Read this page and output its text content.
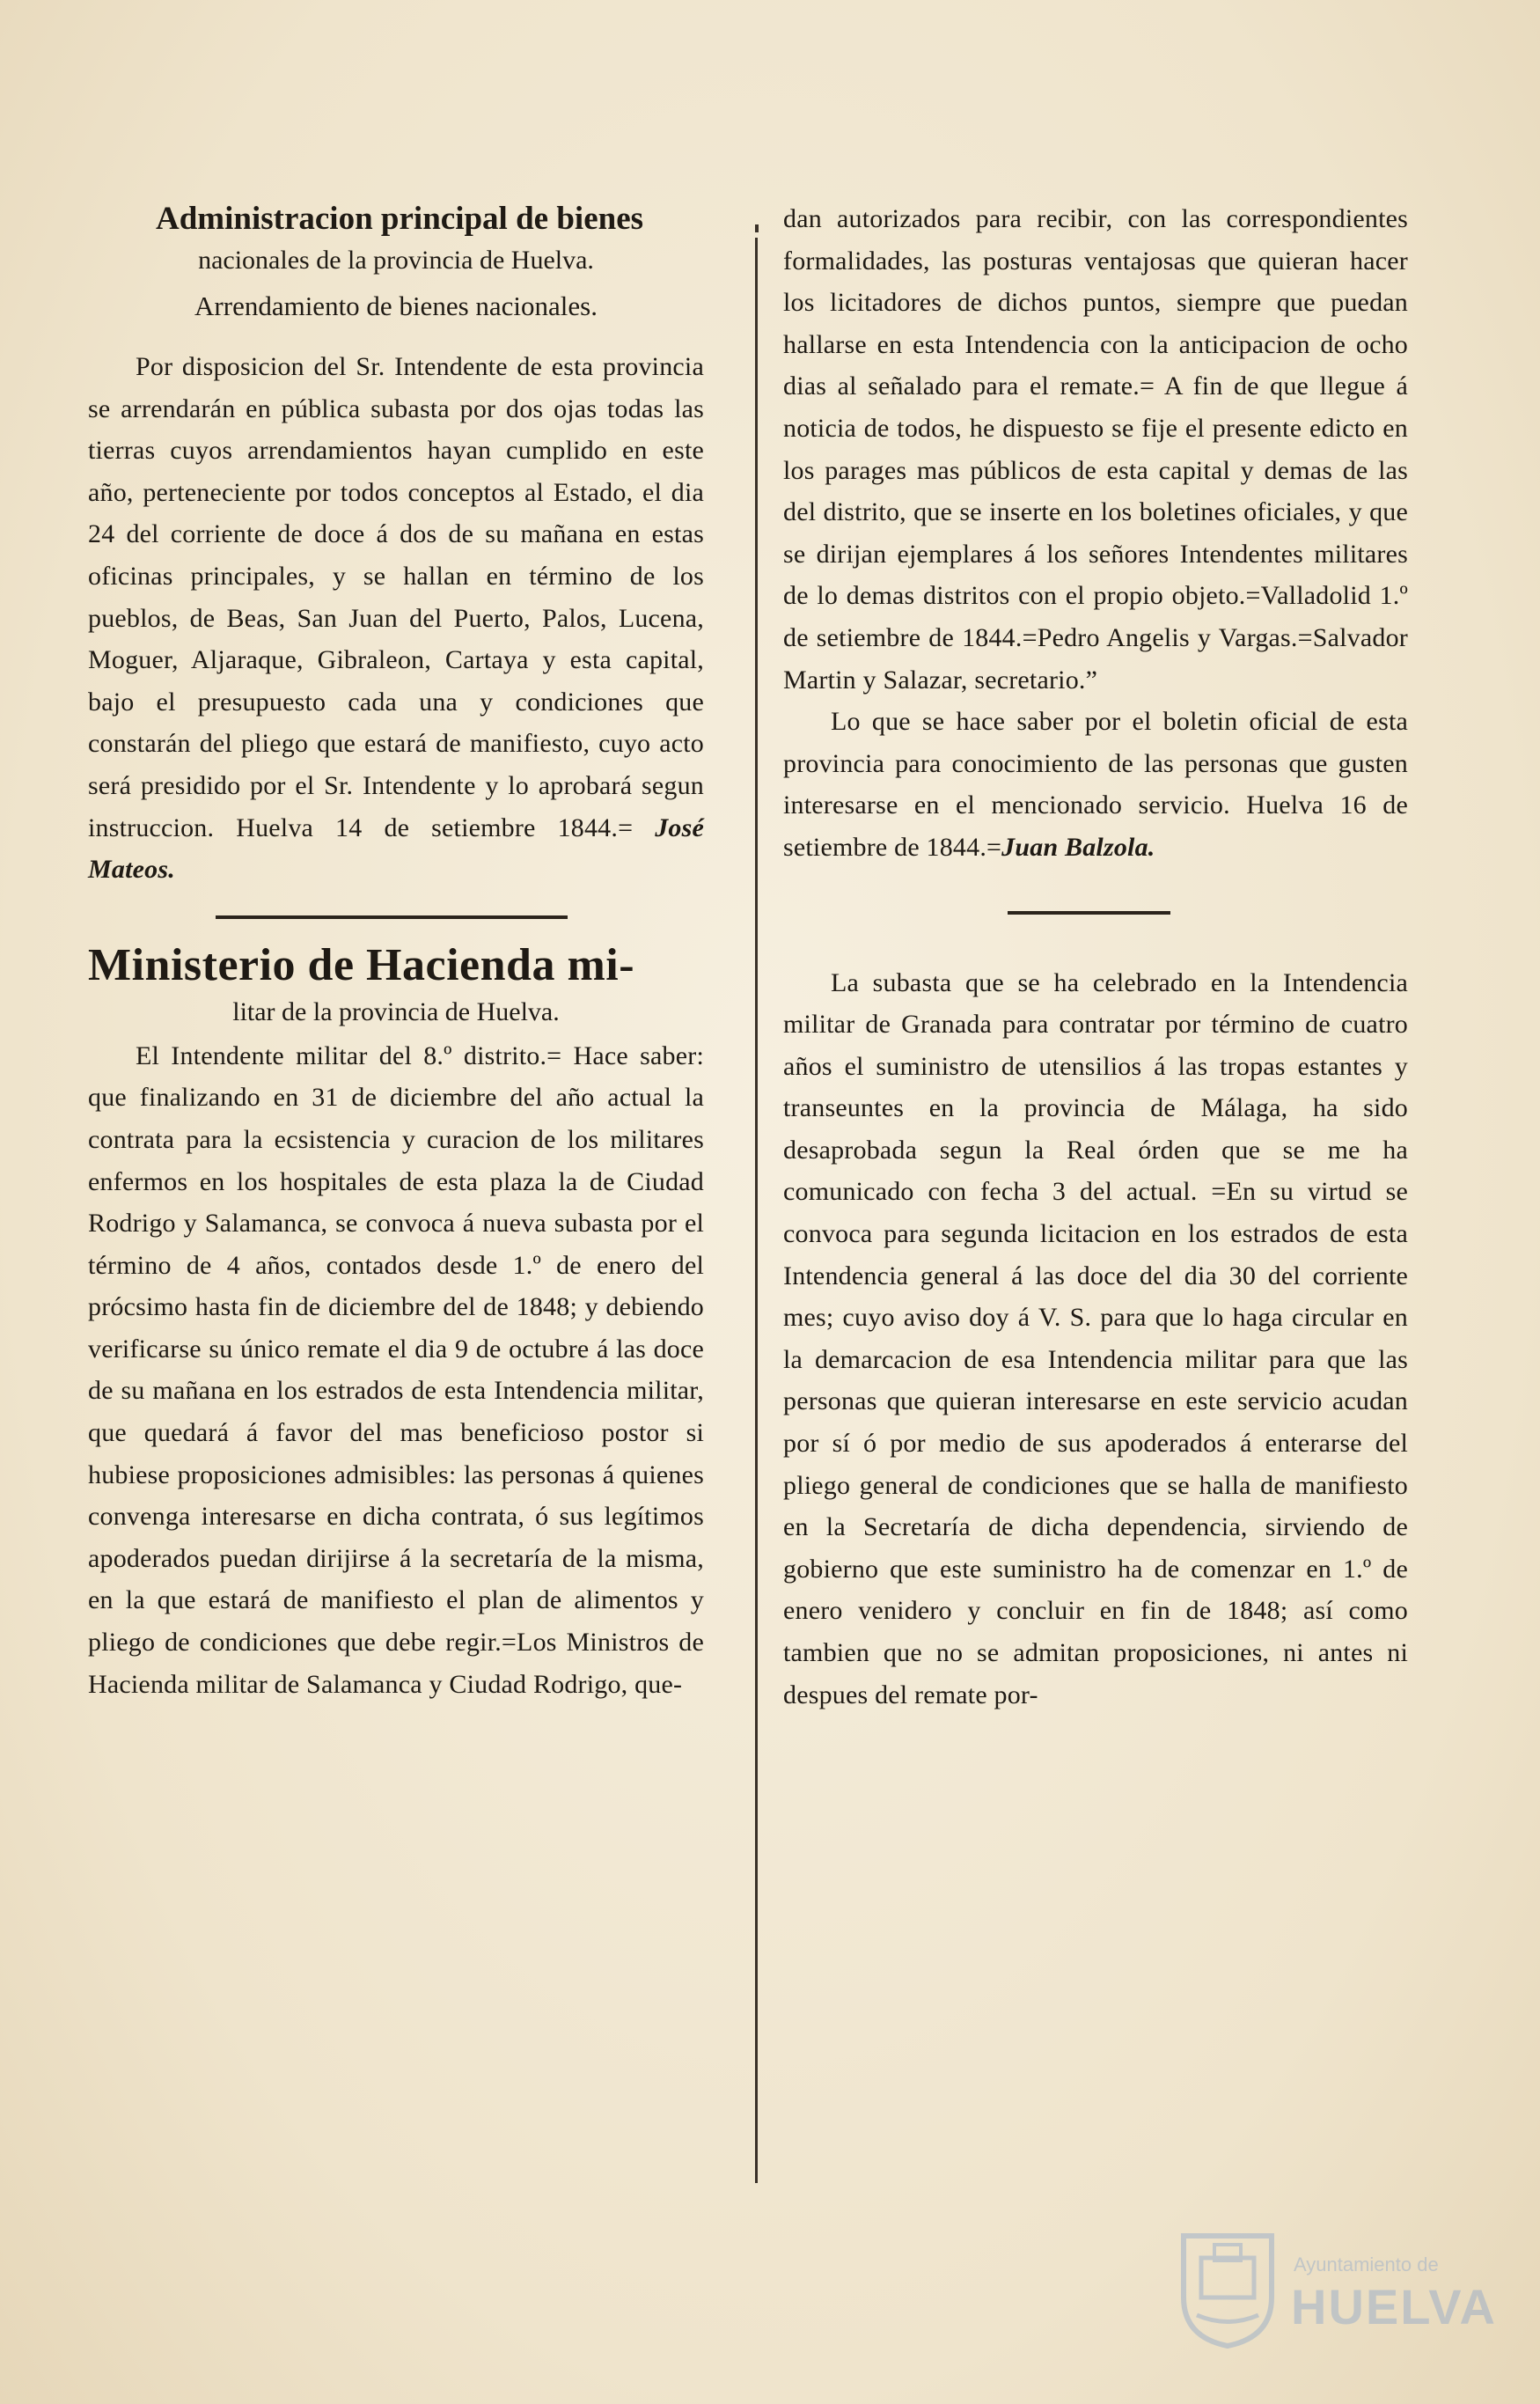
Administracion principal de bienes

nacionales de la provincia de Huelva.

Arrendamiento de bienes nacionales.

Por disposicion del Sr. Intendente de esta provincia se arrendarán en pública subasta por dos ojas todas las tierras cuyos arrendamientos hayan cumplido en este año, perteneciente por todos conceptos al Estado, el dia 24 del corriente de doce á dos de su mañana en estas oficinas principales, y se hallan en término de los pueblos, de Beas, San Juan del Puerto, Palos, Lucena, Moguer, Aljaraque, Gibraleon, Cartaya y esta capital, bajo el presupuesto cada una y condiciones que constarán del pliego que estará de manifiesto, cuyo acto será presidido por el Sr. Intendente y lo aprobará segun instruccion. Huelva 14 de setiembre 1844.= José Mateos.

Ministerio de Hacienda mi-

litar de la provincia de Huelva.

El Intendente militar del 8.º distrito.= Hace saber: que finalizando en 31 de diciembre del año actual la contrata para la ecsistencia y curacion de los militares enfermos en los hospitales de esta plaza la de Ciudad Rodrigo y Salamanca, se convoca á nueva subasta por el término de 4 años, contados desde 1.º de enero del prócsimo hasta fin de diciembre del de 1848; y debiendo verificarse su único remate el dia 9 de octubre á las doce de su mañana en los estrados de esta Intendencia militar, que quedará á favor del mas beneficioso postor si hubiese proposiciones admisibles: las personas á quienes convenga interesarse en dicha contrata, ó sus legítimos apoderados puedan dirijirse á la secretaría de la misma, en la que estará de manifiesto el plan de alimentos y pliego de condiciones que debe regir.=Los Ministros de Hacienda militar de Salamanca y Ciudad Rodrigo, que-

dan autorizados para recibir, con las correspondientes formalidades, las posturas ventajosas que quieran hacer los licitadores de dichos puntos, siempre que puedan hallarse en esta Intendencia con la anticipacion de ocho dias al señalado para el remate.= A fin de que llegue á noticia de todos, he dispuesto se fije el presente edicto en los parages mas públicos de esta capital y demas de las del distrito, que se inserte en los boletines oficiales, y que se dirijan ejemplares á los señores Intendentes militares de lo demas distritos con el propio objeto.=Valladolid 1.º de setiembre de 1844.=Pedro Angelis y Vargas.=Salvador Martin y Salazar, secretario.”

Lo que se hace saber por el boletin oficial de esta provincia para conocimiento de las personas que gusten interesarse en el mencionado servicio. Huelva 16 de setiembre de 1844.=Juan Balzola.

La subasta que se ha celebrado en la Intendencia militar de Granada para contratar por término de cuatro años el suministro de utensilios á las tropas estantes y transeuntes en la provincia de Málaga, ha sido desaprobada segun la Real órden que se me ha comunicado con fecha 3 del actual. =En su virtud se convoca para segunda licitacion en los estrados de esta Intendencia general á las doce del dia 30 del corriente mes; cuyo aviso doy á V. S. para que lo haga circular en la demarcacion de esa Intendencia militar para que las personas que quieran interesarse en este servicio acudan por sí ó por medio de sus apoderados á enterarse del pliego general de condiciones que se halla de manifiesto en la Secretaría de dicha dependencia, sirviendo de gobierno que este suministro ha de comenzar en 1.º de enero venidero y concluir en fin de 1848; así como tambien que no se admitan proposiciones, ni antes ni despues del remate por-

Ayuntamiento de
HUELVA
